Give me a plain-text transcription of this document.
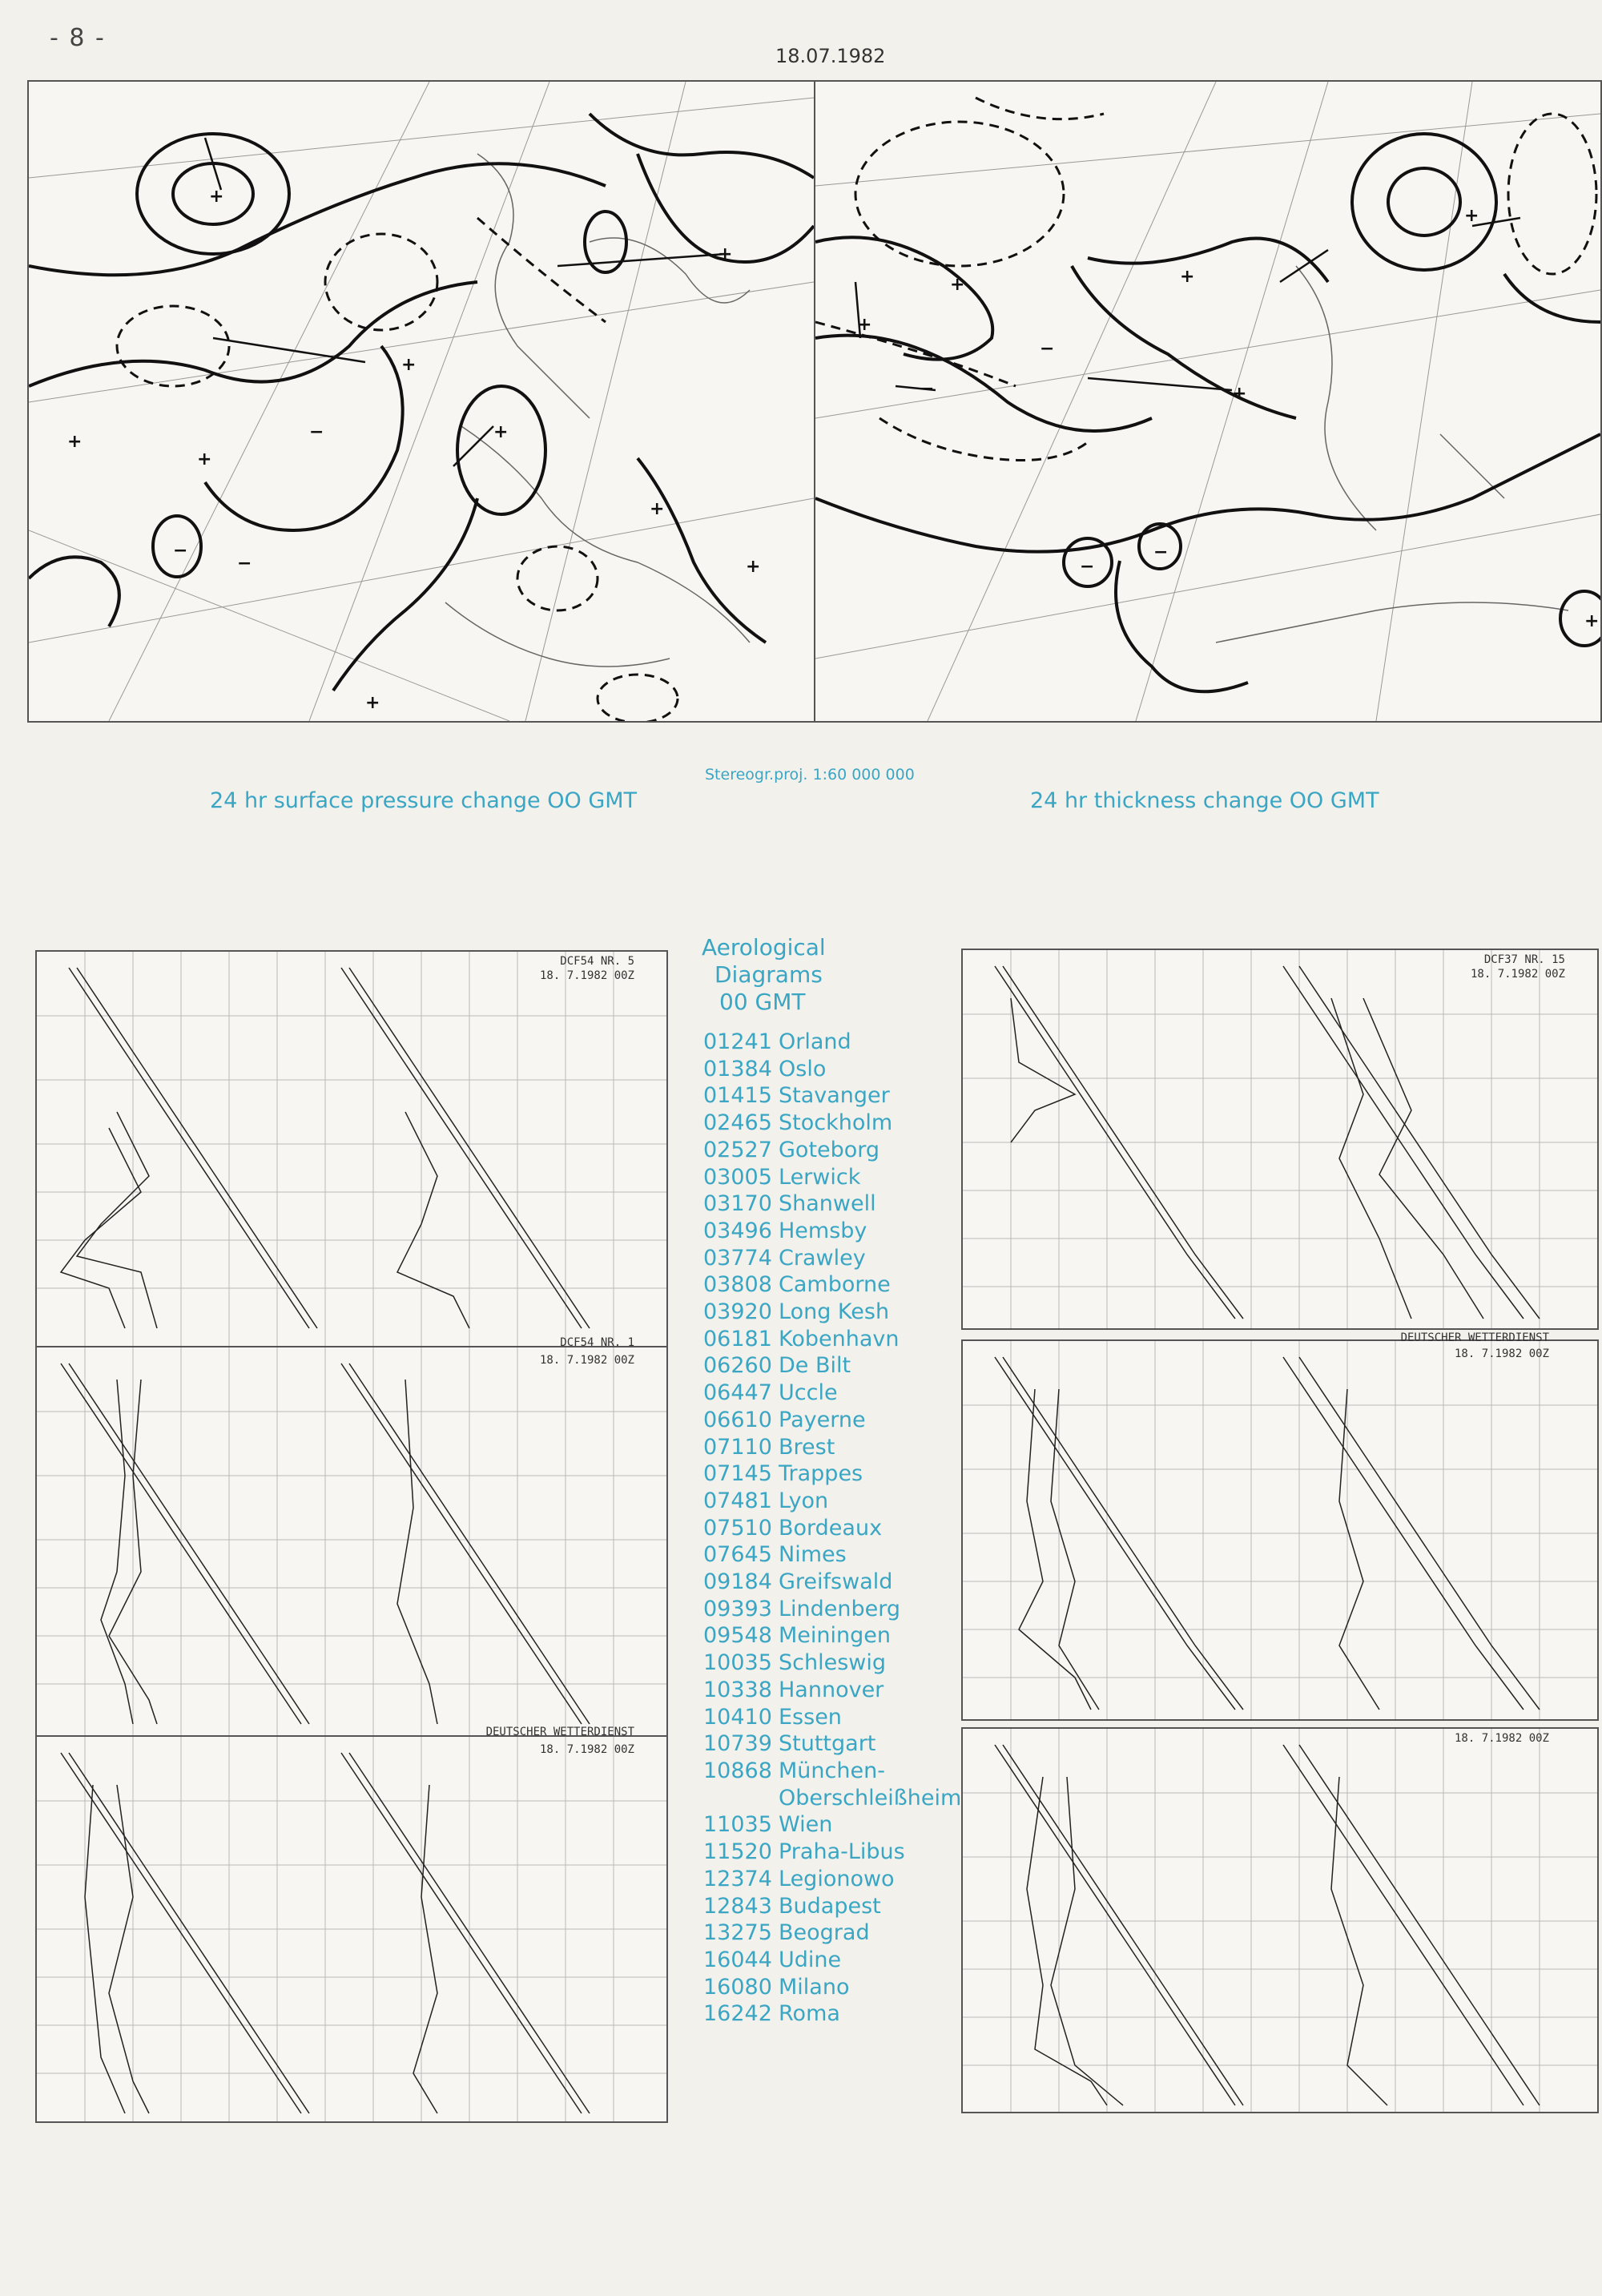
- 8 -
18.07.1982
+
+
+
+
+
+
+
+
+
−
−
−
+
+
+
+
+
+
−
−
−
−
Stereogr.proj. 1:60 000 000
24 hr surface pressure change OO GMT	24 hr thickness change OO GMT
DCF54 NR. 5
18. 7.1982 00Z
DCF54 NR. 1
18. 7.1982 00Z
DEUTSCHER WETTERDIENST
18. 7.1982 00Z
Aerological
Diagrams
00 GMT
01241 Orland
01384 Oslo
01415 Stavanger
02465 Stockholm
02527 Goteborg
03005 Lerwick
03170 Shanwell
03496 Hemsby
03774 Crawley
03808 Camborne
03920 Long Kesh
06181 Kobenhavn
06260 De Bilt
06447 Uccle
06610 Payerne
07110 Brest
07145 Trappes
07481 Lyon
07510 Bordeaux
07645 Nimes
09184 Greifswald
09393 Lindenberg
09548 Meiningen
10035 Schleswig
10338 Hannover
10410 Essen
10739 Stuttgart
10868 München-
Oberschleißheim
11035 Wien
11520 Praha-Libus
12374 Legionowo
12843 Budapest
13275 Beograd
16044 Udine
16080 Milano
16242 Roma
DCF37 NR. 15
18. 7.1982 00Z
DEUTSCHER WETTERDIENST
18. 7.1982 00Z
18. 7.1982 00Z
